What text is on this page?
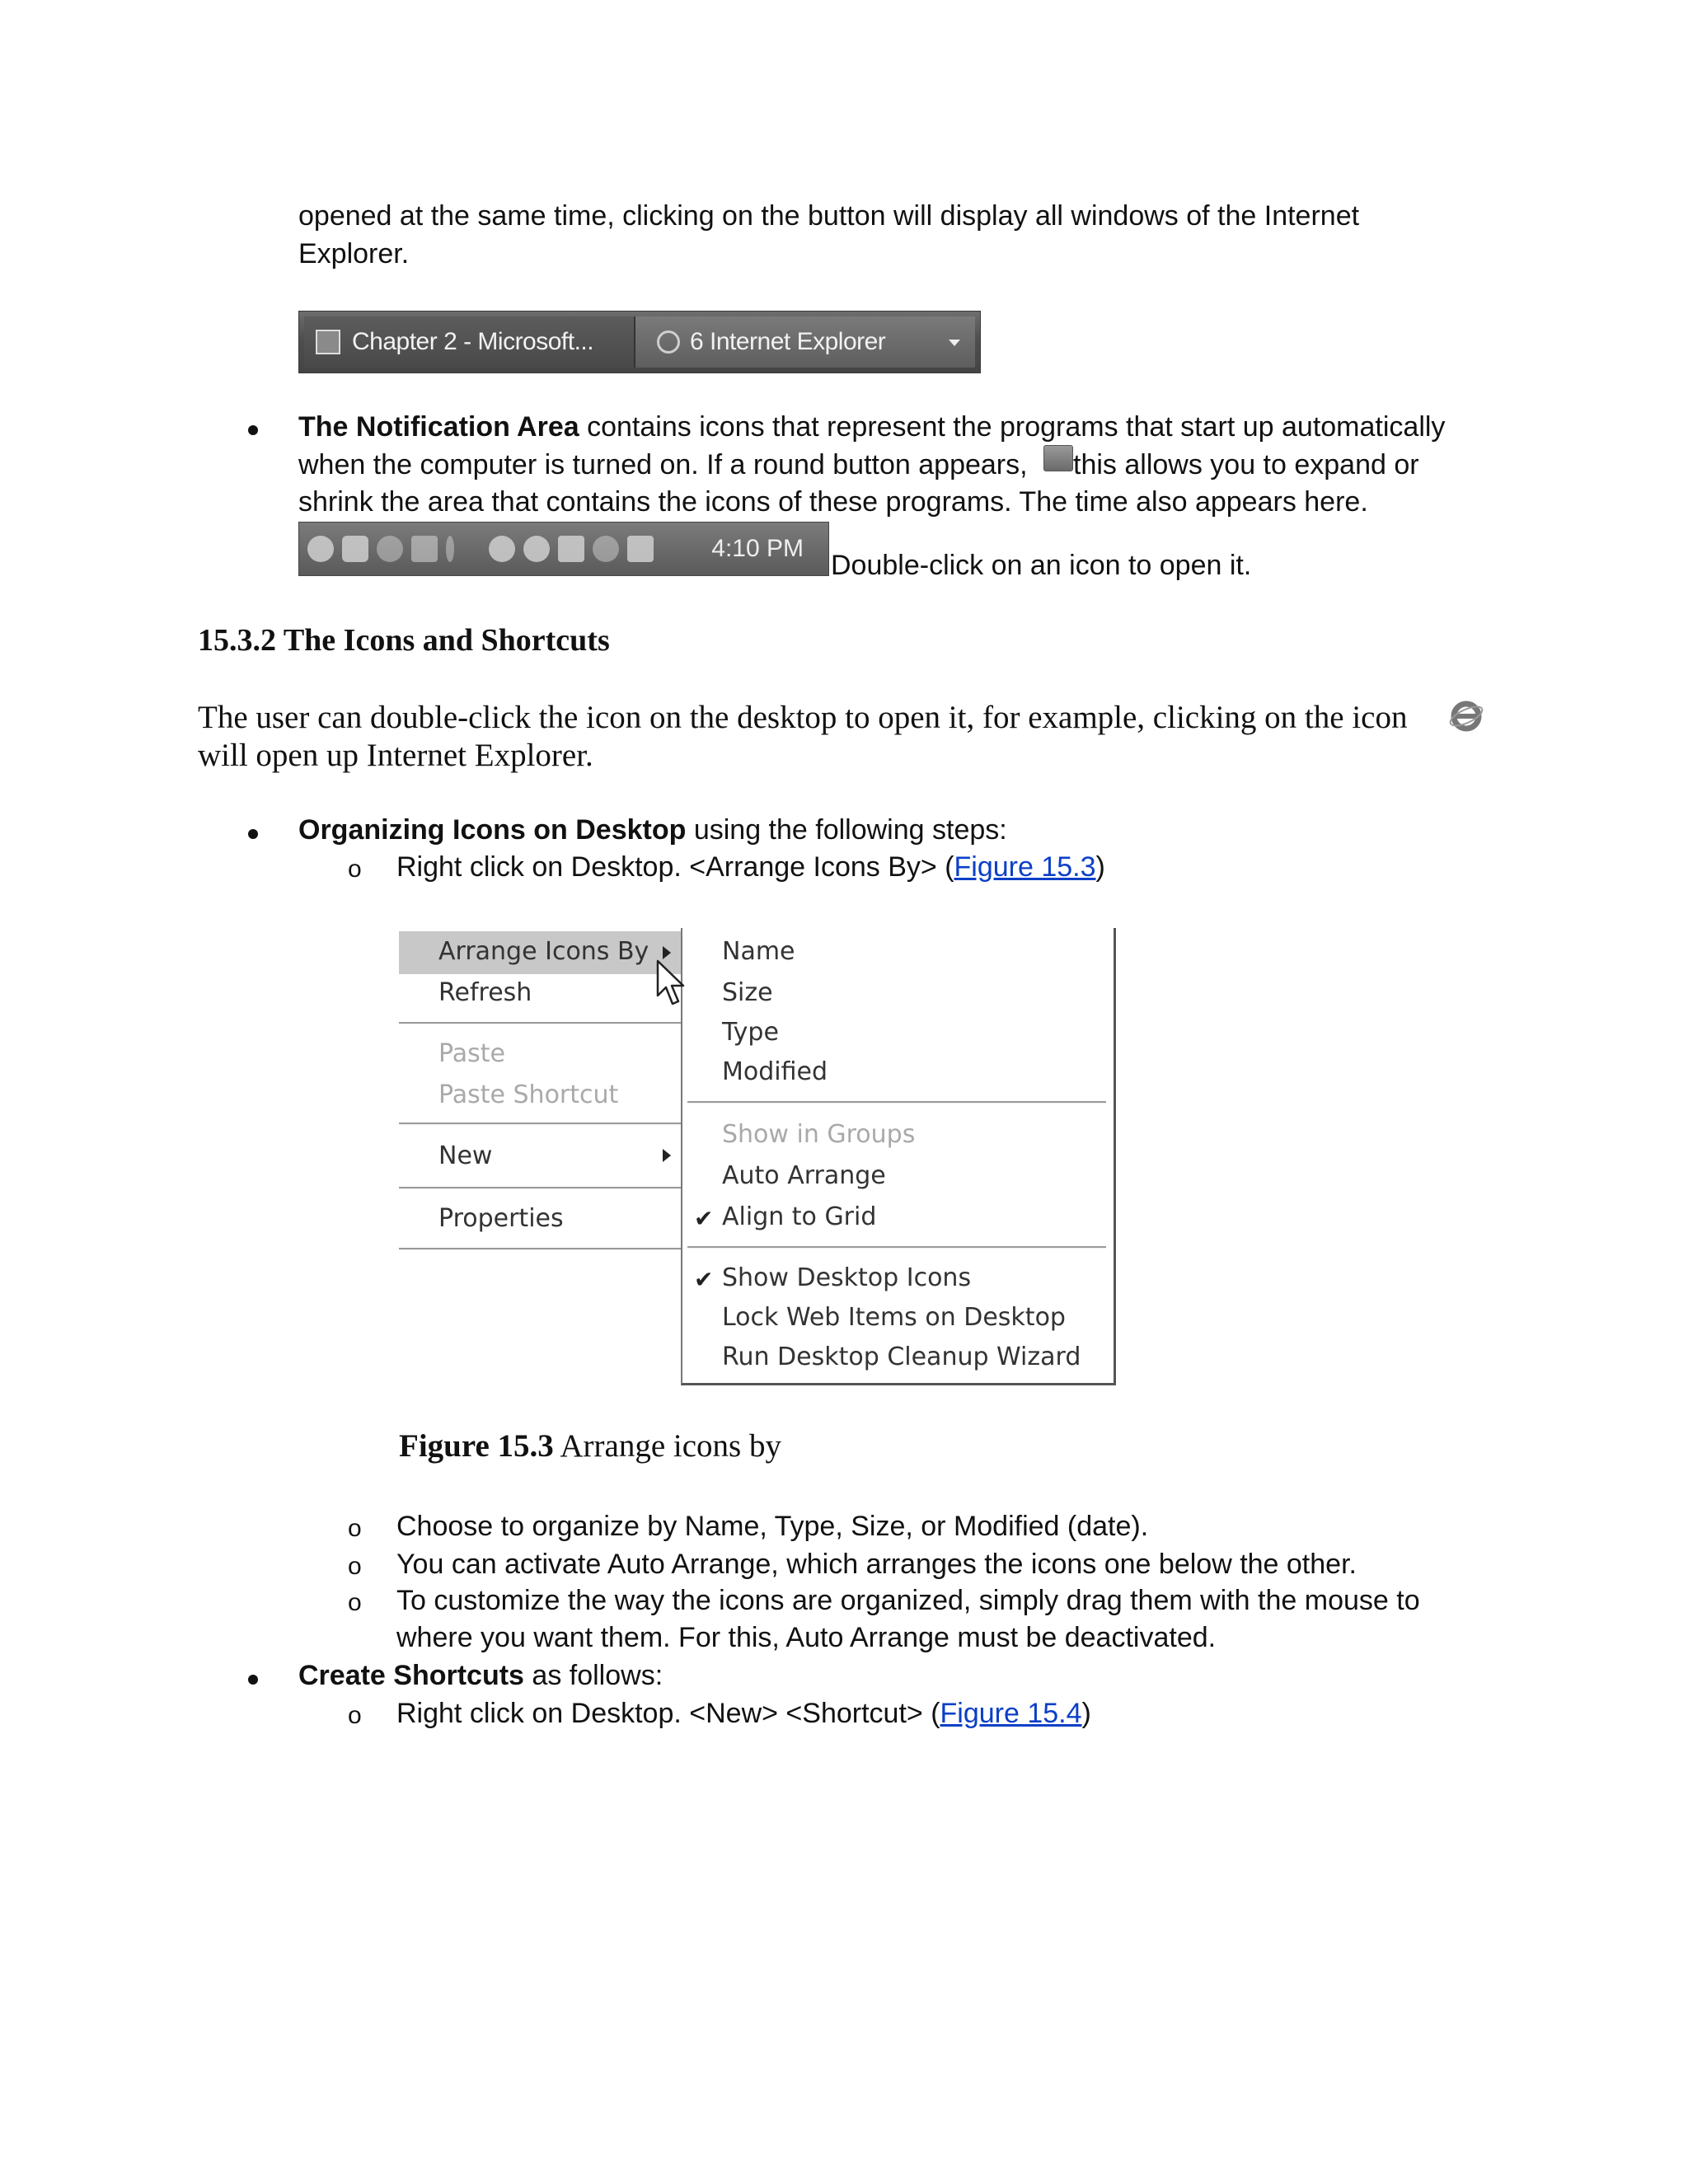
opened at the same time, clicking on the button will display all windows of the Internet
Explorer.
Chapter 2 - Microsoft...	6 Internet Explorer
The Notification Area contains icons that represent the programs that start up automatically
when the computer is turned on. If a round button appears, this allows you to expand or
shrink the area that contains the icons of these programs. The time also appears here.
4:10 PM
Double-click on an icon to open it.
15.3.2 The Icons and Shortcuts
The user can double-click the icon on the desktop to open it, for example, clicking on the icon
will open up Internet Explorer.
Organizing Icons on Desktop using the following steps:
o Right click on Desktop. <Arrange Icons By> (Figure 15.3)
Arrange Icons By
Refresh
Paste
Paste Shortcut
New
Properties
Name
Size
Type
Modified
Show in Groups
Auto Arrange
✔ Align to Grid
✔ Show Desktop Icons
Lock Web Items on Desktop
Run Desktop Cleanup Wizard
Figure 15.3 Arrange icons by
o Choose to organize by Name, Type, Size, or Modified (date).
o You can activate Auto Arrange, which arranges the icons one below the other.
o To customize the way the icons are organized, simply drag them with the mouse to
where you want them. For this, Auto Arrange must be deactivated.
Create Shortcuts as follows:
o Right click on Desktop. <New> <Shortcut> (Figure 15.4)
